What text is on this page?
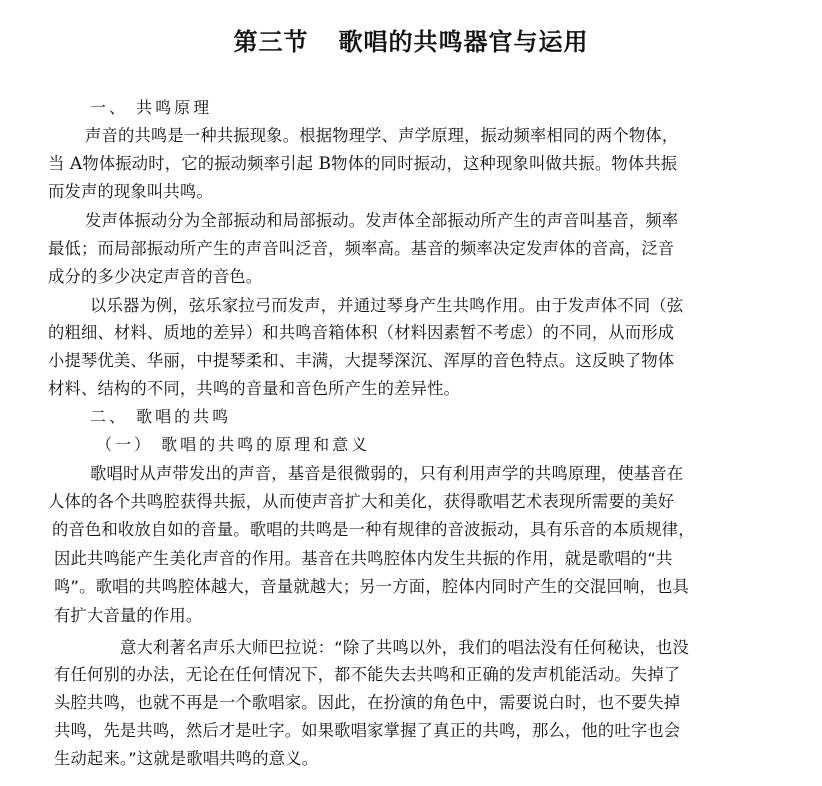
第三节 歌唱的共鸣器官与运用
一、 共鸣原理
声音的共鸣是一种共振现象。根据物理学、声学原理，振动频率相同的两个物体，
当 A物体振动时，它的振动频率引起 B物体的同时振动，这种现象叫做共振。物体共振
而发声的现象叫共鸣。
发声体振动分为全部振动和局部振动。发声体全部振动所产生的声音叫基音，频率
最低；而局部振动所产生的声音叫泛音，频率高。基音的频率决定发声体的音高，泛音
成分的多少决定声音的音色。
以乐器为例，弦乐家拉弓而发声，并通过琴身产生共鸣作用。由于发声体不同（弦
的粗细、材料、质地的差异）和共鸣音箱体积（材料因素暂不考虑）的不同，从而形成
小提琴优美、华丽，中提琴柔和、丰满，大提琴深沉、浑厚的音色特点。这反映了物体
材料、结构的不同，共鸣的音量和音色所产生的差异性。
二、 歌唱的共鸣
（一） 歌唱的共鸣的原理和意义
歌唱时从声带发出的声音，基音是很微弱的，只有利用声学的共鸣原理，使基音在
人体的各个共鸣腔获得共振，从而使声音扩大和美化，获得歌唱艺术表现所需要的美好
的音色和收放自如的音量。歌唱的共鸣是一种有规律的音波振动，具有乐音的本质规律，
因此共鸣能产生美化声音的作用。基音在共鸣腔体内发生共振的作用，就是歌唱的“共
鸣”。歌唱的共鸣腔体越大，音量就越大；另一方面，腔体内同时产生的交混回响，也具
有扩大音量的作用。
意大利著名声乐大师巴拉说：“除了共鸣以外，我们的唱法没有任何秘诀，也没
有任何别的办法，无论在任何情况下，都不能失去共鸣和正确的发声机能活动。失掉了
头腔共鸣，也就不再是一个歌唱家。因此，在扮演的角色中，需要说白时，也不要失掉
共鸣，先是共鸣，然后才是吐字。如果歌唱家掌握了真正的共鸣，那么，他的吐字也会
生动起来。”这就是歌唱共鸣的意义。
